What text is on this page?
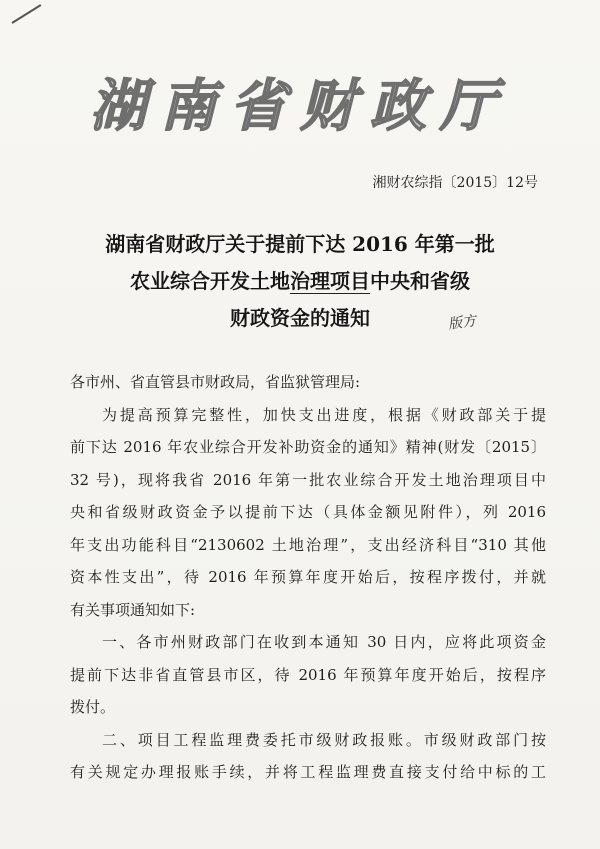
湖南省财政厅
湘财农综指〔2015〕12号
湖南省财政厅关于提前下达 2016 年第一批
农业综合开发土地治理项目中央和省级
财政资金的通知	版方
各市州、省直管县市财政局，省监狱管理局:
为提高预算完整性，加快支出进度，根据《财政部关于提
前下达 2016 年农业综合开发补助资金的通知》精神(财发〔2015〕
32 号)，现将我省 2016 年第一批农业综合开发土地治理项目中
央和省级财政资金予以提前下达（具体金额见附件），列 2016
年支出功能科目“2130602 土地治理”，支出经济科目“310 其他
资本性支出”，待 2016 年预算年度开始后，按程序拨付，并就
有关事项通知如下:
一、各市州财政部门在收到本通知 30 日内，应将此项资金
提前下达非省直管县市区，待 2016 年预算年度开始后，按程序
拨付。
二、项目工程监理费委托市级财政报账。市级财政部门按
有关规定办理报账手续，并将工程监理费直接支付给中标的工
